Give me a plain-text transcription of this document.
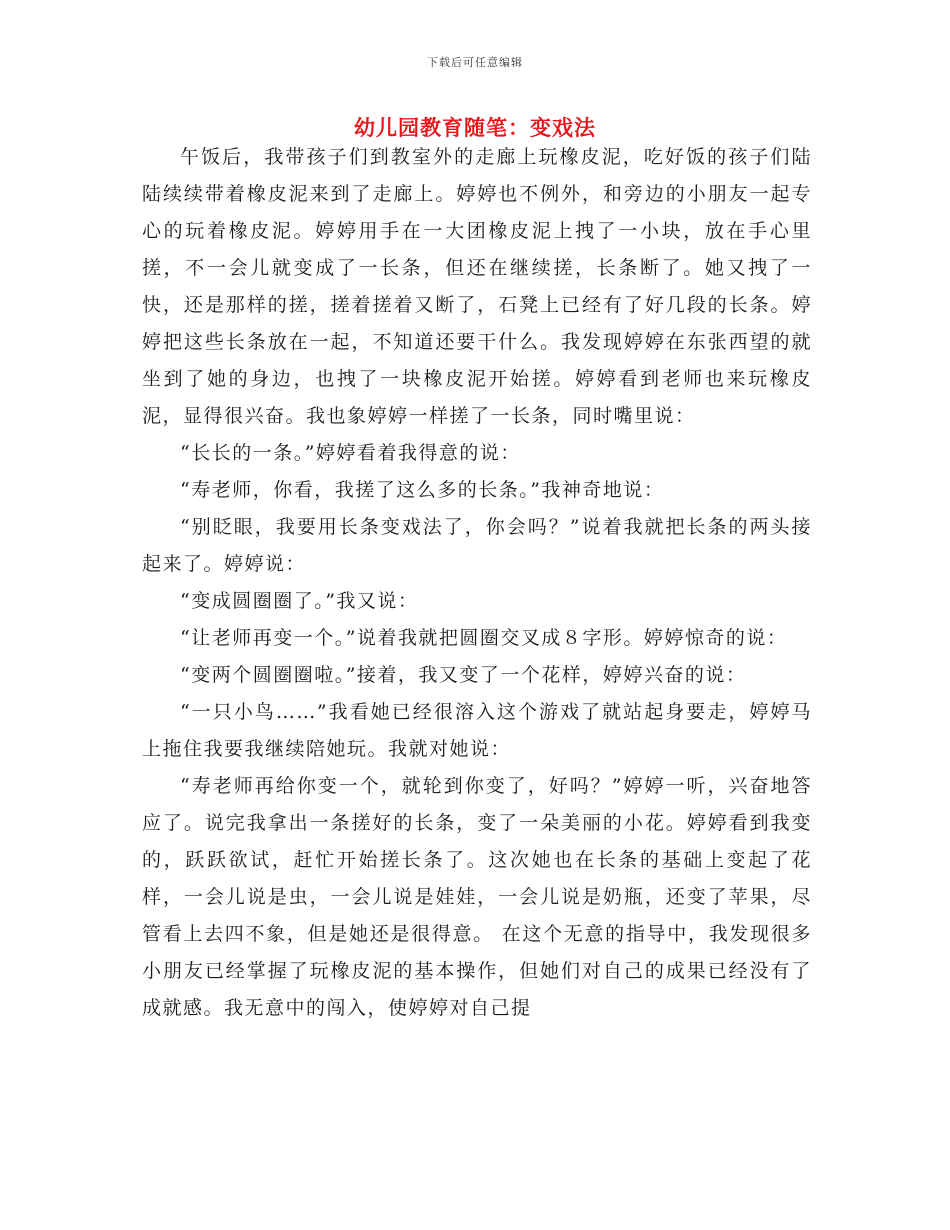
下载后可任意编辑
幼儿园教育随笔：变戏法

午饭后，我带孩子们到教室外的走廊上玩橡皮泥，吃好饭的孩子们陆陆续续带着橡皮泥来到了走廊上。婷婷也不例外，和旁边的小朋友一起专心的玩着橡皮泥。婷婷用手在一大团橡皮泥上拽了一小块，放在手心里搓，不一会儿就变成了一长条，但还在继续搓，长条断了。她又拽了一快，还是那样的搓，搓着搓着又断了，石凳上已经有了好几段的长条。婷婷把这些长条放在一起，不知道还要干什么。我发现婷婷在东张西望的就坐到了她的身边，也拽了一块橡皮泥开始搓。婷婷看到老师也来玩橡皮泥，显得很兴奋。我也象婷婷一样搓了一长条，同时嘴里说：

“长长的一条。”婷婷看着我得意的说：

“寿老师，你看，我搓了这么多的长条。”我神奇地说：

“别眨眼，我要用长条变戏法了，你会吗？”说着我就把长条的两头接起来了。婷婷说：

“变成圆圈圈了。”我又说：

“让老师再变一个。”说着我就把圆圈交叉成８字形。婷婷惊奇的说：

“变两个圆圈圈啦。”接着，我又变了一个花样，婷婷兴奋的说：

“一只小鸟……”我看她已经很溶入这个游戏了就站起身要走，婷婷马上拖住我要我继续陪她玩。我就对她说：

“寿老师再给你变一个，就轮到你变了，好吗？”婷婷一听，兴奋地答应了。说完我拿出一条搓好的长条，变了一朵美丽的小花。婷婷看到我变的，跃跃欲试，赶忙开始搓长条了。这次她也在长条的基础上变起了花样，一会儿说是虫，一会儿说是娃娃，一会儿说是奶瓶，还变了苹果，尽管看上去四不象，但是她还是很得意。 在这个无意的指导中，我发现很多小朋友已经掌握了玩橡皮泥的基本操作，但她们对自己的成果已经没有了成就感。我无意中的闯入，使婷婷对自己提
